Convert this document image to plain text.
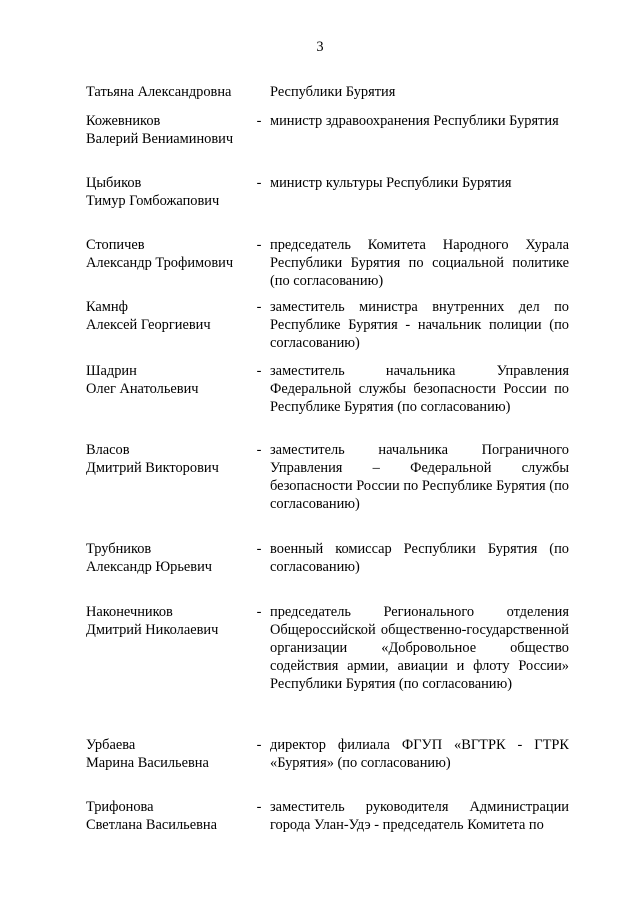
3
Татьяна Александровна	Республики Бурятия
Кожевников
Валерий Вениаминович
- министр здравоохранения Республики Бурятия
Цыбиков
Тимур Гомбожапович
- министр культуры Республики Бурятия
Стопичев
Александр Трофимович
- председатель Комитета Народного Хурала Республики Бурятия по социальной политике (по согласованию)
Камнф
Алексей Георгиевич
- заместитель министра внутренних дел по Республике Бурятия - начальник полиции (по согласованию)
Шадрин
Олег Анатольевич
- заместитель начальника Управления Федеральной службы безопасности России по Республике Бурятия (по согласованию)
Власов
Дмитрий Викторович
- заместитель начальника Пограничного Управления – Федеральной службы безопасности России по Республике Бурятия (по согласованию)
Трубников
Александр Юрьевич
- военный комиссар Республики Бурятия (по согласованию)
Наконечников
Дмитрий Николаевич
- председатель Регионального отделения Общероссийской общественно-государственной организации «Добровольное общество содействия армии, авиации и флоту России» Республики Бурятия (по согласованию)
Урбаева
Марина Васильевна
- директор филиала ФГУП «ВГТРК - ГТРК «Бурятия» (по согласованию)
Трифонова
Светлана Васильевна
- заместитель руководителя Администрации города Улан-Удэ - председатель Комитета по
